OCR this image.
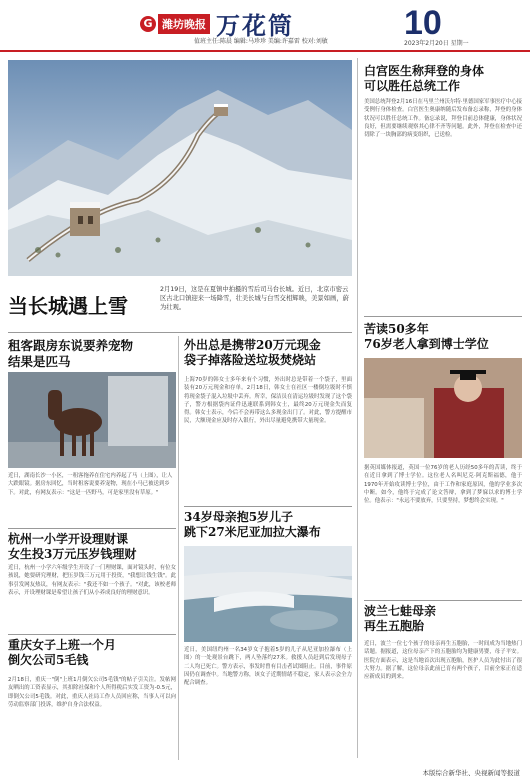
G 潍坊晚报 万花筒	10
值班主任:陈晨 编辑:马珍珍 美编:许嘉雷 校对:刘敏	2023年2月20日 星期一
当长城遇上雪
2月19日，这是在夏镇中拍摄的雪后司马台长城。近日，北京市密云区古北口镇迎来一场降雪，壮美长城与白雪交相辉映，美景如画，蔚为壮观。
租客跟房东说要养宠物
结果是匹马
近日，湖南长沙一小区，一租客拖养在住宅内养起了马（上图），让人大跌眼镜。据房东回忆，当时租客说要养宠物，现在小马已被送到乡下。对此，有网友表示："这是一匹野马，可是家里没有草原。"
杭州一小学开设理财课
女生投3万元压岁钱理财
近日，杭州一小学六年级学生开设了一门理财课，面对镜头时，有位女孩说，她要研究理财，把压岁钱三万元用于投资，"我想让钱生钱"。此事引发网友热议，有网友表示："我还不如一个孩子。"对此，该校老师表示，开设理财课是希望让孩子们从小养成良好的理财意识。
重庆女子上班一个月
倒欠公司5毛钱
2月18日，重庆一"倒"上班1月倒欠公司5毛钱"的帖子引关注。发帖网友晒出的工资表显示，其扣除社保和个人所得税后实发工资为-0.5元，即倒欠公司5毛钱。对此，重庆人社局工作人员回应称，当事人可以向劳动监察部门投诉，维护自身合法权益。
外出总是携带20万元现金
袋子掉落险送垃圾焚烧站
上海70岁的韩女士多年来有个习惯，外出时总是带着一个袋子，里面装有20万元现金和存单。2月18日，韩女士在社区一楼倒垃圾时不慎将现金袋子混入垃圾中丢弃。所幸，保洁员在清运垃圾时发现了这个袋子，警方根据袋内证件迅速联系到韩女士，最终20万元现金失而复得。韩女士表示，今后不会再带这么多现金出门了。对此，警方提醒市民，大额现金应及时存入银行，外出尽量避免携带大量现金。
34岁母亲抱5岁儿子
跳下27米尼亚加拉大瀑布
近日，美国纽约州一名34岁女子抱着5岁的儿子从尼亚加拉瀑布（上图）的一处观景台跳下，两人坠落约27米。救援人员赶到后发现母子二人均已死亡。警方表示，事发时曾有目击者试图阻止。目前，事件原因仍在调查中。当地警方称，该女子近期情绪不稳定，家人表示会全力配合调查。
白宫医生称拜登的身体
可以胜任总统工作
美国总统拜登2月16日在马里兰州沃尔特·里德国家军事医疗中心接受例行身体检查。白宫医生奥康纳随后发布备忘录称，拜登的身体状况可以胜任总统工作。备忘录说，拜登目前总体健康，身体状况良好，但需要继续观察其心律不齐等问题。此外，拜登在检查中还切除了一块胸部的病变组织，已送检。
苦读50多年
76岁老人拿到博士学位
据英国媒体报道，英国一位76岁的老人历经50多年的苦读，终于在近日拿到了博士学位。这位老人名叫尼克·阿克斯福德，他于1970年开始攻读博士学位，由于工作和家庭原因，他的学业多次中断。如今，他终于完成了论文答辩，拿到了梦寐以求的博士学位。他表示："永远不要放弃，只要坚持，梦想终会实现。"
波兰七蛙母亲
再生五胞胎
近日，波兰一位七个孩子的母亲再生五胞胎，一时间成为当地热门话题。据报道，这位母亲产下的五胞胎均为健康男婴，母子平安。医院方面表示，这是当地首次出现五胞胎，医护人员为此付出了很大努力。据了解，这位母亲此前已育有两个孩子，目前全家正在适应新成员的到来。
本版综合新华社、央视新闻等报道
